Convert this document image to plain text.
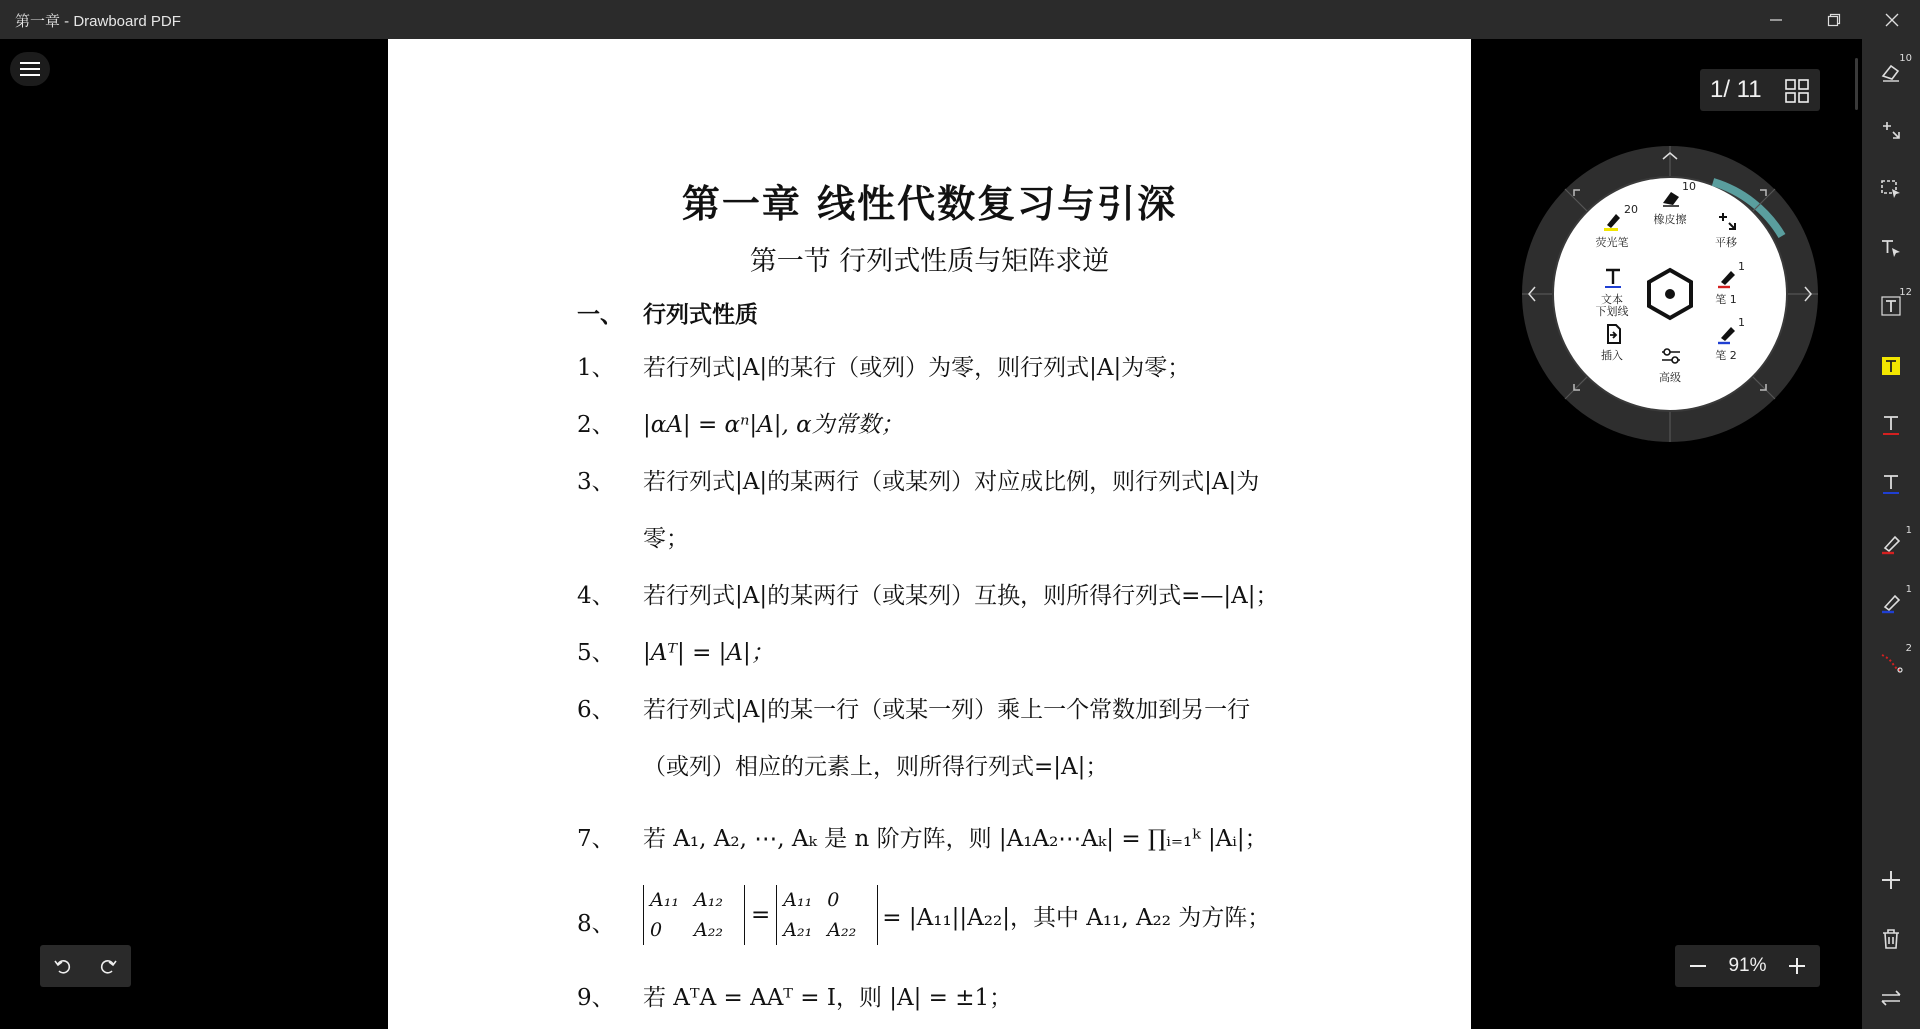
第一章 - Drawboard PDF
第一章 线性代数复习与引深
第一节 行列式性质与矩阵求逆
一、 行列式性质
1、 若行列式|A|的某行（或列）为零，则行列式|A|为零；
2、 |αA| = αⁿ|A|, α为常数；
3、 若行列式|A|的某两行（或某列）对应成比例，则行列式|A|为
零；
4、 若行列式|A|的某两行（或某列）互换，则所得行列式=—|A|；
5、 |Aᵀ| = |A|；
6、 若行列式|A|的某一行（或某一列）乘上一个常数加到另一行
（或列）相应的元素上，则所得行列式=|A|；
7、 若 A₁, A₂, ⋯, Aₖ 是 n 阶方阵，则 |A₁A₂⋯Aₖ| = ∏ᵢ₌₁ᵏ |Aᵢ|；
8、
A₁₁ A₁₂
0	A₂₂
=
A₁₁ 0
A₂₁ A₂₂	= |A₁₁||A₂₂|，其中 A₁₁, A₂₂ 为方阵；
9、 若 AᵀA = AAᵀ = I，则 |A| = ±1；
1/ 11
91%
10
橡皮擦
20
荧光笔	平移
文本
下划线
1
笔 1
插入
1
笔 2
高级
10
12
1
1
2
